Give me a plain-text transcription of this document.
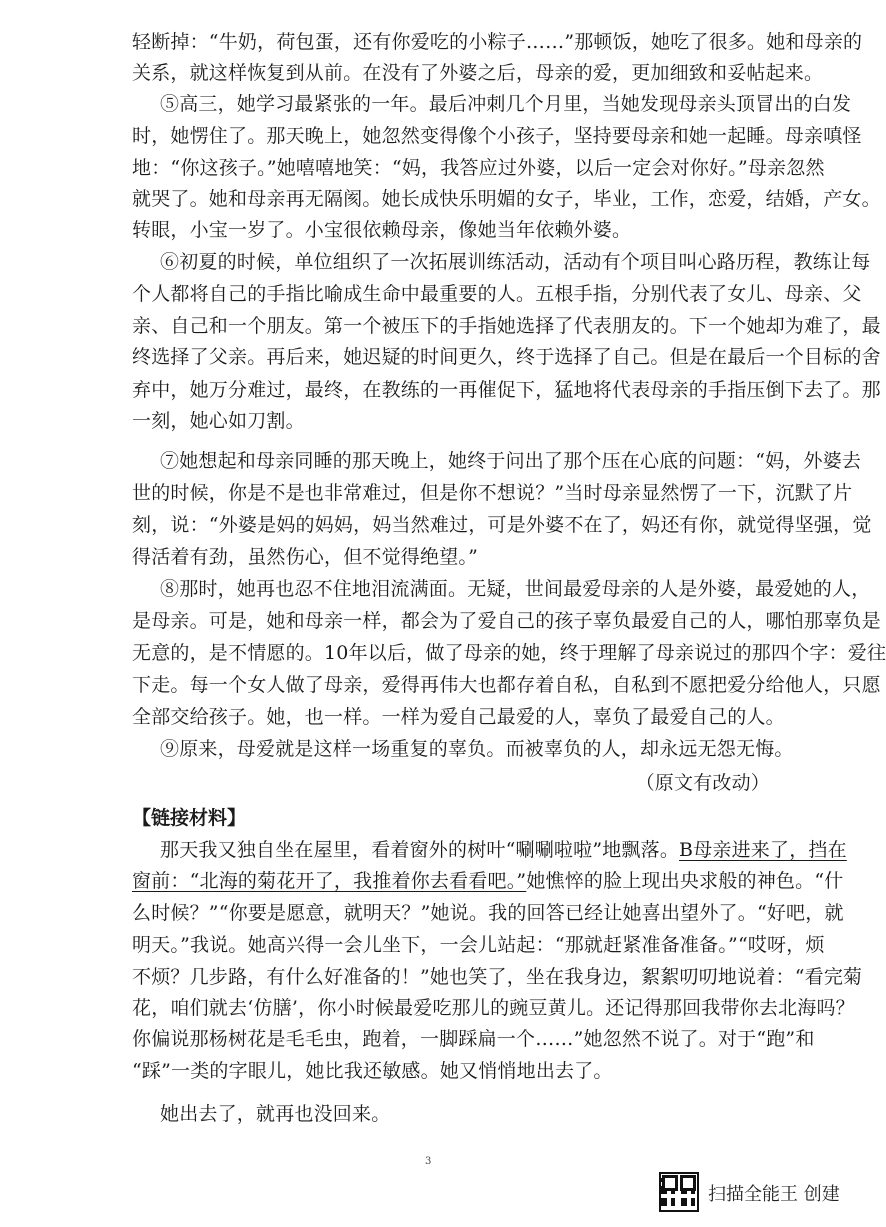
轻断掉：“牛奶，荷包蛋，还有你爱吃的小粽子……”那顿饭，她吃了很多。她和母亲的
关系，就这样恢复到从前。在没有了外婆之后，母亲的爱，更加细致和妥帖起来。
⑤高三，她学习最紧张的一年。最后冲刺几个月里，当她发现母亲头顶冒出的白发
时，她愣住了。那天晚上，她忽然变得像个小孩子，坚持要母亲和她一起睡。母亲嗔怪
地：“你这孩子。”她嘻嘻地笑：“妈，我答应过外婆，以后一定会对你好。”母亲忽然
就哭了。她和母亲再无隔阂。她长成快乐明媚的女子，毕业，工作，恋爱，结婚，产女。
转眼，小宝一岁了。小宝很依赖母亲，像她当年依赖外婆。
⑥初夏的时候，单位组织了一次拓展训练活动，活动有个项目叫心路历程，教练让每
个人都将自己的手指比喻成生命中最重要的人。五根手指，分别代表了女儿、母亲、父
亲、自己和一个朋友。第一个被压下的手指她选择了代表朋友的。下一个她却为难了，最
终选择了父亲。再后来，她迟疑的时间更久，终于选择了自己。但是在最后一个目标的舍
弃中，她万分难过，最终，在教练的一再催促下，猛地将代表母亲的手指压倒下去了。那
一刻，她心如刀割。
⑦她想起和母亲同睡的那天晚上，她终于问出了那个压在心底的问题：“妈，外婆去
世的时候，你是不是也非常难过，但是你不想说？”当时母亲显然愣了一下，沉默了片
刻，说：“外婆是妈的妈妈，妈当然难过，可是外婆不在了，妈还有你，就觉得坚强，觉
得活着有劲，虽然伤心，但不觉得绝望。”
⑧那时，她再也忍不住地泪流满面。无疑，世间最爱母亲的人是外婆，最爱她的人，
是母亲。可是，她和母亲一样，都会为了爱自己的孩子辜负最爱自己的人，哪怕那辜负是
无意的，是不情愿的。10年以后，做了母亲的她，终于理解了母亲说过的那四个字：爱往
下走。每一个女人做了母亲，爱得再伟大也都存着自私，自私到不愿把爱分给他人，只愿
全部交给孩子。她，也一样。一样为爱自己最爱的人，辜负了最爱自己的人。
⑨原来，母爱就是这样一场重复的辜负。而被辜负的人，却永远无怨无悔。
（原文有改动）
【链接材料】
那天我又独自坐在屋里，看着窗外的树叶“唰唰啦啦”地飘落。B母亲进来了，挡在
窗前：“北海的菊花开了，我推着你去看看吧。”她憔悴的脸上现出央求般的神色。“什
么时候？”“你要是愿意，就明天？”她说。我的回答已经让她喜出望外了。“好吧，就
明天。”我说。她高兴得一会儿坐下，一会儿站起：“那就赶紧准备准备。”“哎呀，烦
不烦？几步路，有什么好准备的！”她也笑了，坐在我身边，絮絮叨叨地说着：“看完菊
花，咱们就去‘仿膳’，你小时候最爱吃那儿的豌豆黄儿。还记得那回我带你去北海吗？
你偏说那杨树花是毛毛虫，跑着，一脚踩扁一个……”她忽然不说了。对于“跑”和
“踩”一类的字眼儿，她比我还敏感。她又悄悄地出去了。
她出去了，就再也没回来。
3
扫描全能王 创建
